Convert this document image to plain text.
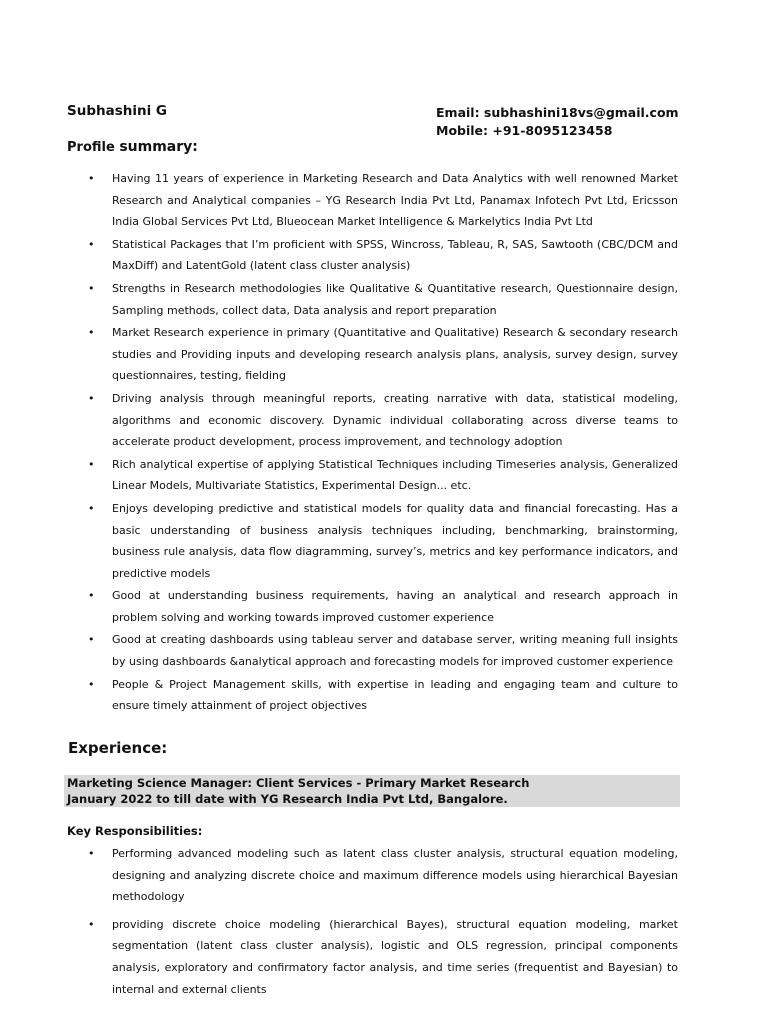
Subhashini G	Email: subhashini18vs@gmail.com
Mobile: +91-8095123458
Profile summary:
• Having 11 years of experience in Marketing Research and Data Analytics with well renowned Market Research and Analytical companies – YG Research India Pvt Ltd, Panamax Infotech Pvt Ltd, Ericsson India Global Services Pvt Ltd, Blueocean Market Intelligence & Markelytics India Pvt Ltd
• Statistical Packages that I’m proficient with SPSS, Wincross, Tableau, R, SAS, Sawtooth (CBC/DCM and MaxDiff) and LatentGold (latent class cluster analysis)
• Strengths in Research methodologies like Qualitative & Quantitative research, Questionnaire design, Sampling methods, collect data, Data analysis and report preparation
• Market Research experience in primary (Quantitative and Qualitative) Research & secondary research studies and Providing inputs and developing research analysis plans, analysis, survey design, survey questionnaires, testing, fielding
• Driving analysis through meaningful reports, creating narrative with data, statistical modeling, algorithms and economic discovery. Dynamic individual collaborating across diverse teams to accelerate product development, process improvement, and technology adoption
• Rich analytical expertise of applying Statistical Techniques including Timeseries analysis, Generalized Linear Models, Multivariate Statistics, Experimental Design... etc.
• Enjoys developing predictive and statistical models for quality data and financial forecasting. Has a basic understanding of business analysis techniques including, benchmarking, brainstorming, business rule analysis, data flow diagramming, survey’s, metrics and key performance indicators, and predictive models
• Good at understanding business requirements, having an analytical and research approach in problem solving and working towards improved customer experience
• Good at creating dashboards using tableau server and database server, writing meaning full insights by using dashboards &analytical approach and forecasting models for improved customer experience
• People & Project Management skills, with expertise in leading and engaging team and culture to ensure timely attainment of project objectives
Experience:
Marketing Science Manager: Client Services - Primary Market Research
January 2022 to till date with YG Research India Pvt Ltd, Bangalore.
Key Responsibilities:
• Performing advanced modeling such as latent class cluster analysis, structural equation modeling, designing and analyzing discrete choice and maximum difference models using hierarchical Bayesian methodology
• providing discrete choice modeling (hierarchical Bayes), structural equation modeling, market segmentation (latent class cluster analysis), logistic and OLS regression, principal components analysis, exploratory and confirmatory factor analysis, and time series (frequentist and Bayesian) to internal and external clients
